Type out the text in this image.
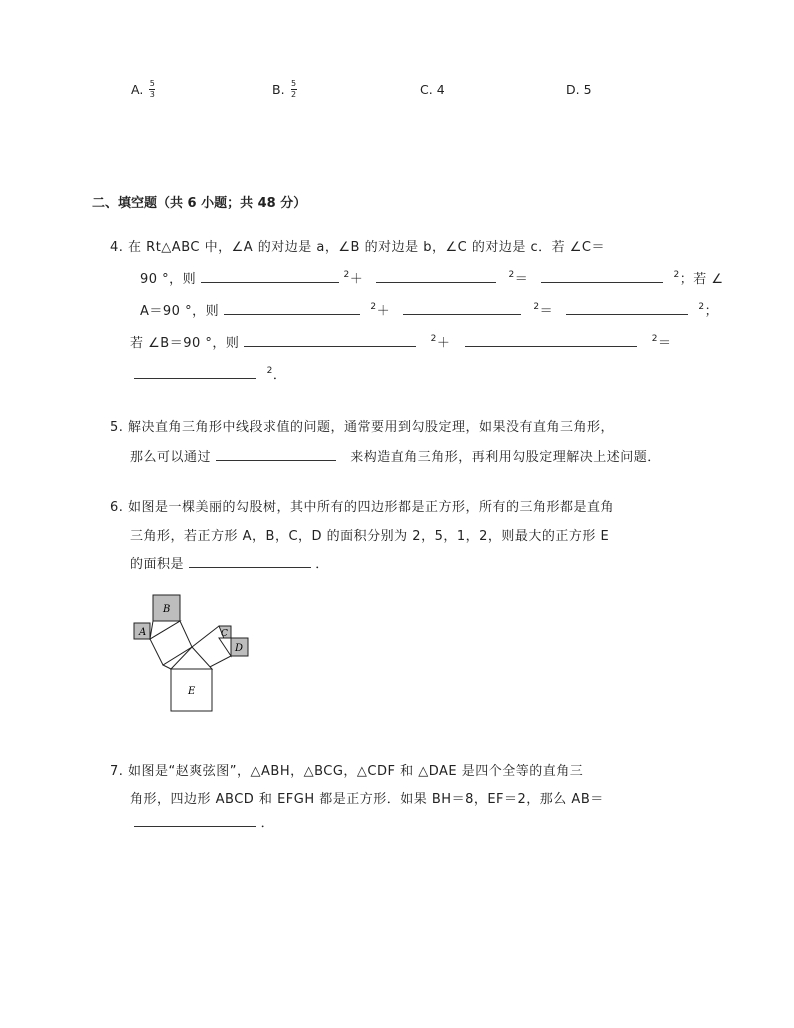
A. $\frac{5}{3}$	B. $\frac{5}{2}$	C.
4	D.
5
二、填空题（共 6 小题；共 48 分）
4. 在 Rt△ABC 中，∠A 的对边是 a，∠B 的对边是 b，∠C 的对边是 c．若 ∠C＝
90 °，则	$^2$＋	$^2$＝	$^2$；若 ∠
A＝90 °，则	$^2$＋	$^2$＝	$^2$；
若 ∠B＝90 °，则	$^2$＋	$^2$＝
$^2$．
5. 解决直角三角形中线段求值的问题，通常要用到勾股定理，如果没有直角三角形，
那么可以通过	来构造直角三角形，再利用勾股定理解决上述问题．
6. 如图是一棵美丽的勾股树，其中所有的四边形都是正方形，所有的三角形都是直角
三角形，若正方形 A，B，C，D 的面积分别为 2，5，1，2，则最大的正方形 E
的面积是	．
B
A	C
D
E
7. 如图是“赵爽弦图”，△ABH，△BCG，△CDF 和 △DAE 是四个全等的直角三
角形，四边形 ABCD 和 EFGH 都是正方形．如果 BH＝8，EF＝2，那么 AB＝
．
